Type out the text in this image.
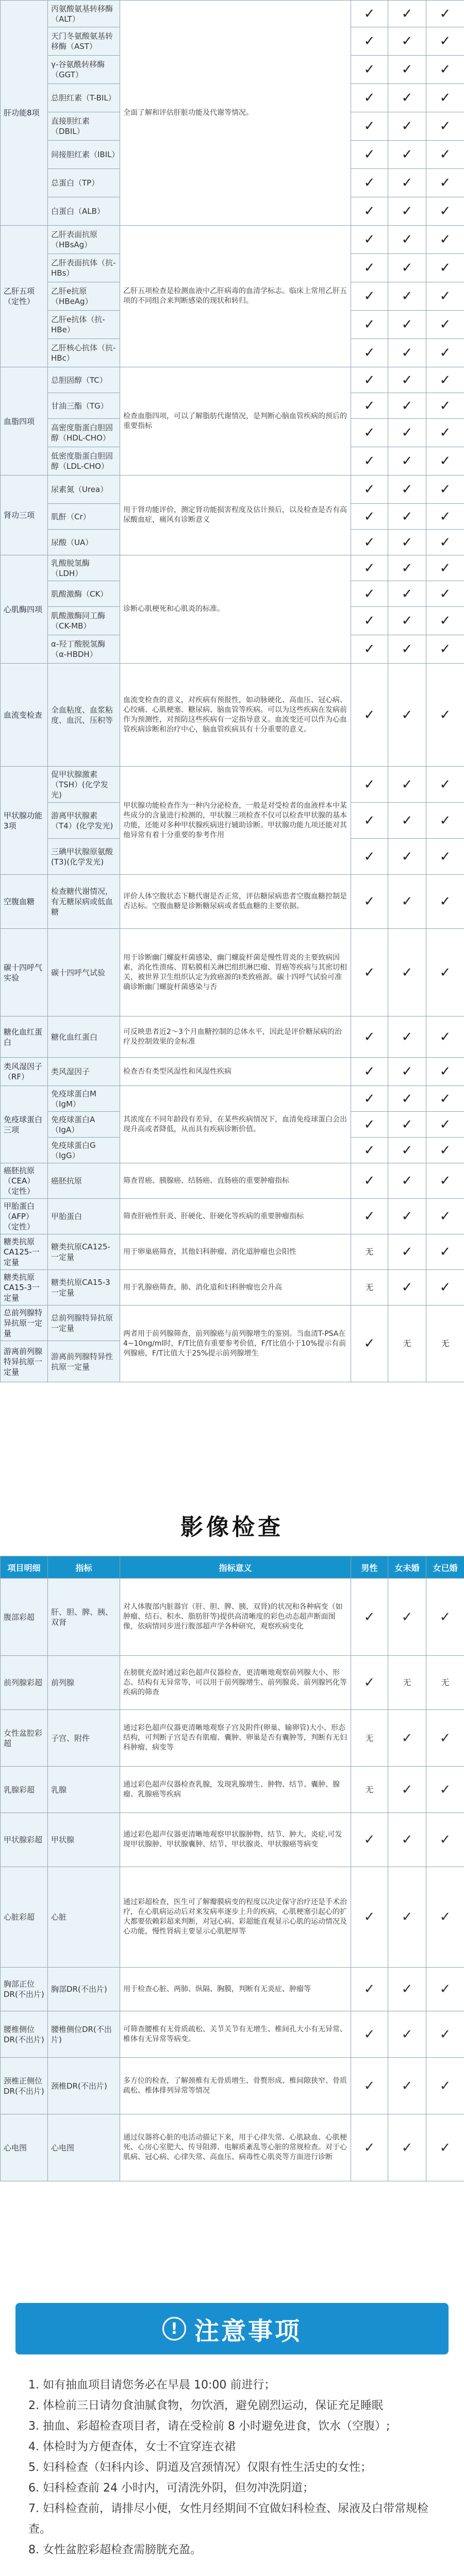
肝功能8项	丙氨酸氨基转移酶（ALT）	全面了解和评估肝脏功能及代谢等情况。	✓	✓	✓
	天门冬氨酸氨基转移酶（AST）		✓	✓	✓
	γ-谷氨酰转移酶（GGT）		✓	✓	✓
	总胆红素（T-BIL）		✓	✓	✓
	直接胆红素（DBIL）		✓	✓	✓
	间接胆红素（IBIL）		✓	✓	✓
	总蛋白（TP）		✓	✓	✓
	白蛋白（ALB）		✓	✓	✓
乙肝五项（定性）	乙肝表面抗原（HBsAg）	乙肝五项检查是检测血液中乙肝病毒的血清学标志。临床上常用乙肝五项的不同组合来判断感染的现状和转归。	✓	✓	✓
	乙肝表面抗体（抗-HBs）		✓	✓	✓
	乙肝e抗原（HBeAg）		✓	✓	✓
	乙肝e抗体（抗-HBe）		✓	✓	✓
	乙肝核心抗体（抗-HBc）		✓	✓	✓
血脂四项	总胆固醇（TC）	检查血脂四项，可以了解脂肪代谢情况，是判断心脑血管疾病的预后的重要指标	✓	✓	✓
	甘油三酯（TG）		✓	✓	✓
	高密度脂蛋白胆固醇（HDL-CHO）		✓	✓	✓
	低密度脂蛋白胆固醇（LDL-CHO）		✓	✓	✓
肾功三项	尿素氮（Urea）	用于肾功能评价，测定肾功能损害程度及估计预后，以及检查是否有高尿酸血症，痛风有诊断意义	✓	✓	✓
	肌酐（Cr）		✓	✓	✓
	尿酸（UA）		✓	✓	✓
心肌酶四项	乳酸脱氢酶（LDH）	诊断心肌梗死和心肌炎的标准。	✓	✓	✓
	肌酸激酶（CK）		✓	✓	✓
	肌酸激酶同工酶（CK-MB）		✓	✓	✓
	α-羟丁酸脱氢酶（α-HBDH）		✓	✓	✓
血流变检查	全血粘度、血浆粘度、血沉、压积等	血流变检查的意义，对疾病有预报性，如动脉硬化、高血压、冠心病、心绞痛、心肌梗塞、糖尿病、脑血管等疾病。可以为这些疾病在发病前作为预测性，对预防这些疾病有一定指导意义。血流变还可以作为心血管疾病诊断和治疗中心，脑血管疾病具有十分重要的意义。	✓	✓	✓
甲状腺功能3项	促甲状腺激素（TSH）(化学发光)	甲状腺功能检查作为一种内分泌检查，一般是对受检者的血液样本中某些成分的含量进行检测的，甲状腺三项检查不仅可以检查甲状腺的基本功能，还能对多种甲状腺疾病进行辅助诊断。甲状腺功能九项还能对其他异常有着十分重要的参考作用	✓	✓	✓
	游离甲状腺素（T4）(化学发光)		✓	✓	✓
	三碘甲状腺原氨酸(T3)(化学发光)		✓	✓	✓
空腹血糖	检查糖代谢情况，有无糖尿病或低血糖	评价人体空腹状态下糖代谢是否正常，评估糖尿病患者空腹血糖控制是否达标。空腹血糖是诊断糖尿病或者低血糖的主要依据。	✓	✓	✓
碳十四呼气实验	碳十四呼气试验	用于诊断幽门螺旋杆菌感染，幽门螺旋杆菌是慢性胃炎的主要致病因素，消化性溃疡、胃粘膜相关淋巴组织淋巴瘤、胃癌等疾病与其密切相关，被世界卫生组织认定为致癌源的I类致癌源。碳十四呼气试验可准确诊断幽门螺旋杆菌感染与否	✓	✓	✓
糖化血红蛋白	糖化血红蛋白	可反映患者近2～3个月血糖控制的总体水平，因此是评价糖尿病的治疗及控制效果的金标准	✓	✓	✓
类风湿因子（RF）	类风湿因子	检查否有类型风湿性和风湿性疾病	✓	✓	✓
免疫球蛋白三项	免疫球蛋白M（IgM）	其浓度在不同年龄段有差异，在某些疾病情况下，血清免疫球蛋白会出现升高或者降低，从而具有疾病诊断价值。	✓	✓	✓
	免疫球蛋白A（IgA）		✓	✓	✓
	免疫球蛋白G（IgG）		✓	✓	✓
癌胚抗原（CEA）（定性）	癌胚抗原	筛查胃癌、胰腺癌、结肠癌、直肠癌的重要肿瘤指标	✓	✓	✓
甲胎蛋白（AFP）（定性）	甲胎蛋白	筛查肝癌性肝炎、肝硬化、肝硬化等疾病的重要肿瘤指标	✓	✓	✓
糖类抗原CA125-一定量	糖类抗原CA125-一定量	用于卵巢癌筛查，其他妇科肿瘤、消化道肿瘤也会阳性	无	✓	✓
糖类抗原CA15-3一定量	糖类抗原CA15-3一定量	用于乳腺癌筛查，肺、消化道和妇科肿瘤也会升高	无	✓	✓
总前列腺特异抗原一定量	总前列腺特异抗原一定量	两者用于前列腺筛查，前列腺癌与前列腺增生的鉴别。当血清T-PSA在4~10ng/ml时，F/T比值有重要参考价值，F/T比值小于10%提示有前列腺癌，F/T比值大于25%提示前列腺增生	✓	无	无
游离前列腺特异抗原一定量	游离前列腺特异性抗原一定量				
影像检查
项目明细	指标	指标意义	男性	女未婚	女已婚
腹部彩超	肝、胆、脾、胰、双肾	对人体腹部内脏器官（肝、胆、脾、胰、双肾)的状况和各种病变（如肿瘤、结石、积水、脂肪肝等)提供高清晰度的彩色动态超声断面图像，依病情同步进行腹部超声学各种研究，观察疾病变化	✓	✓	✓
前列腺彩超	前列腺	在膀胱充盈时通过彩色超声仪器检查，更清晰地观察前列腺大小、形态、结构有无异常等，可以用于前列腺增生、前列腺炎、前列腺钙化等疾病的筛查	✓	无	无
女性盆腔彩超	子宫、附件	通过彩色超声仪器更清晰地观察子宫及附件(卵巢、输卵管)大小、形态结构，可判断子宫是否有肌瘤、囊肿、卵巢是否有囊肿等，判断有无妇科肿瘤、病变等	无	✓	✓
乳腺彩超	乳腺	通过彩色超声仪器检查乳腺，发现乳腺增生、肿物、结节、囊肿、腺瘤、乳腺癌等疾病	无	✓	✓
甲状腺彩超	甲状腺	通过彩色超声仪器更清晰地观察甲状腺肿物、结节、肿大、炎症,可发现甲状腺肿、甲状腺囊肿、结节、甲状腺炎、甲状腺癌等病变	✓	✓	✓
心脏彩超	心脏	通过彩超检查，医生可了解瓣膜病变的程度以决定保守治疗还是手术治疗，在心肌病运动后对来发病率逐步上升的疾病，心肌梗塞引起心的扩大都要依赖彩超来判断，对冠心病、彩超能直观显示心肌的运动情况及心功能，慢性肾病主要显示心肌肥厚等	✓	✓	✓
胸部正位DR(不出片)	胸部DR(不出片)	用于检查心脏、两肺、纵隔、胸膜，判断有无炎症、肿瘤等	✓	✓	✓
腰椎侧位DR(不出片)	腰椎侧位DR(不出片)	可筛查腰椎有无骨质疏松、关节关节有无增生、椎间孔大小有无异常、椎体有无异常等病变。	✓	✓	✓
颈椎正侧位DR(不出片)	颈椎DR(不出片)	多方位的检查，了解颈椎有无骨质增生、骨赘形成、椎间隙狭窄、骨质疏松、椎体排列异常等情况	✓	✓	✓
心电图	心电图	通过仪器将心脏的电活动描记下来，用于心律失常、心肌缺血、心肌梗死、心房心室肥大、传导阻滞、电解质紊乱等心脏的常规检查。对于心肌病、冠心病、心律失常、高血压、病毒性心肌炎等方面进行诊断	✓	✓	✓
! 注意事项
1. 如有抽血项目请您务必在早晨 10:00 前进行；
2. 体检前三日请勿食油腻食物，勿饮酒，避免剧烈运动，保证充足睡眠
3. 抽血、彩超检查项目者，请在受检前 8 小时避免进食，饮水（空腹）;
4. 体检时为方便查体，女士不宜穿连衣裙
5. 妇科检查（妇科内诊、阴道及宫颈情况）仅限有性生活史的女性；
6. 妇科检查前 24 小时内，可清洗外阴，但勿冲洗阴道；
7. 妇科检查前，请排尽小便，女性月经期间不宜做妇科检查、尿液及白带常规检查。
8. 女性盆腔彩超检查需膀胱充盈。
